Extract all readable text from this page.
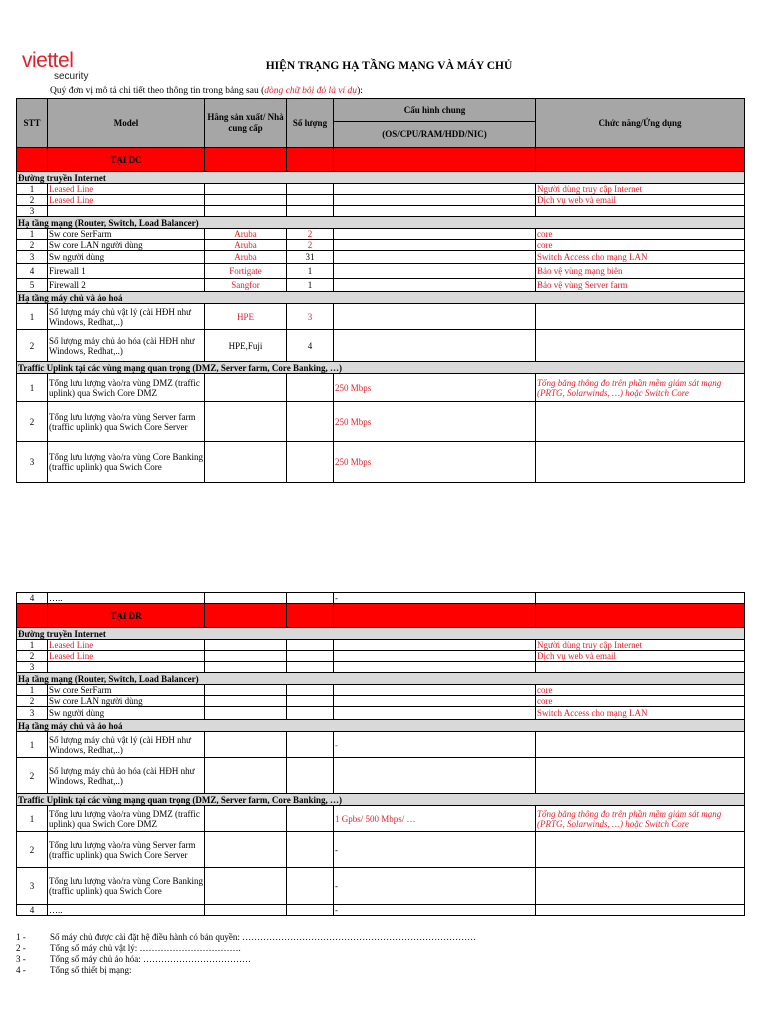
viettel
security
HIỆN TRẠNG HẠ TẦNG MẠNG VÀ MÁY CHỦ
Quý đơn vị mô tả chi tiết theo thông tin trong bảng sau (dòng chữ bôi đỏ là ví dụ):
STT	Model	Hãng sản xuất/ Nhà cung cấp	Số lượng	Cấu hình chung	Chức năng/Ứng dụng
				(OS/CPU/RAM/HDD/NIC)	
	TẠI DC				
Đường truyền Internet					
1	Leased Line				Người dùng truy cập Internet
2	Leased Line				Dịch vụ web và email
3					
Hạ tầng mạng (Router, Switch, Load Balancer)					
1	Sw core SerFarm	Aruba	2		core
2	Sw core LAN người dùng	Aruba	2		core
3	Sw người dùng	Aruba	31		Switch Access cho mạng LAN
4	Firewall 1	Fortigate	1		Bảo vệ vùng mạng biên
5	Firewall 2	Sangfor	1		Bảo vệ vùng Server farm
Hạ tầng máy chủ và ảo hoá					
1	Số lượng máy chủ vật lý (cài HĐH như Windows, Redhat,..)	HPE	3		
2	Số lượng máy chủ ảo hóa (cài HĐH như Windows, Redhat,..)	HPE,Fuji	4		
Traffic Uplink tại các vùng mạng quan trọng (DMZ, Server farm, Core Banking, …)					
1	Tổng lưu lượng vào/ra vùng DMZ (traffic uplink) qua Swich Core DMZ			250 Mbps	Tổng băng thông đo trên phần mềm giám sát mạng (PRTG, Solarwinds, …) hoặc Switch Core
2	Tổng lưu lượng vào/ra vùng Server farm (traffic uplink) qua Swich Core Server			250 Mbps	
3	Tổng lưu lượng vào/ra vùng Core Banking (traffic uplink) qua Swich Core			250 Mbps	
4	…..			-	
	TẠI DR				
Đường truyền Internet					
1	Leased Line				Người dùng truy cập Internet
2	Leased Line				Dịch vụ web và email
3					
Hạ tầng mạng (Router, Switch, Load Balancer)					
1	Sw core SerFarm				core
2	Sw core LAN người dùng				core
3	Sw người dùng				Switch Access cho mạng LAN
Hạ tầng máy chủ và ảo hoá					
1	Số lượng máy chủ vật lý (cài HĐH như Windows, Redhat,..)			-	
2	Số lượng máy chủ ảo hóa (cài HĐH như Windows, Redhat,..)				
Traffic Uplink tại các vùng mạng quan trọng (DMZ, Server farm, Core Banking, …)					
1	Tổng lưu lượng vào/ra vùng DMZ (traffic uplink) qua Swich Core DMZ			1 Gpbs/ 500 Mbps/ …	Tổng băng thông đo trên phần mềm giám sát mạng (PRTG, Solarwinds, …) hoặc Switch Core
2	Tổng lưu lượng vào/ra vùng Server farm (traffic uplink) qua Swich Core Server			-	
3	Tổng lưu lượng vào/ra vùng Core Banking (traffic uplink) qua Swich Core			-	
4	…..			-	
1 -	Số máy chủ được cài đặt hệ điều hành có bản quyền: ……………………………………………………………………
2 -	Tổng số máy chủ vật lý: …………………………….
3 -	Tổng số máy chủ ảo hóa: ………………………………
4 -	Tổng số thiết bị mạng:
